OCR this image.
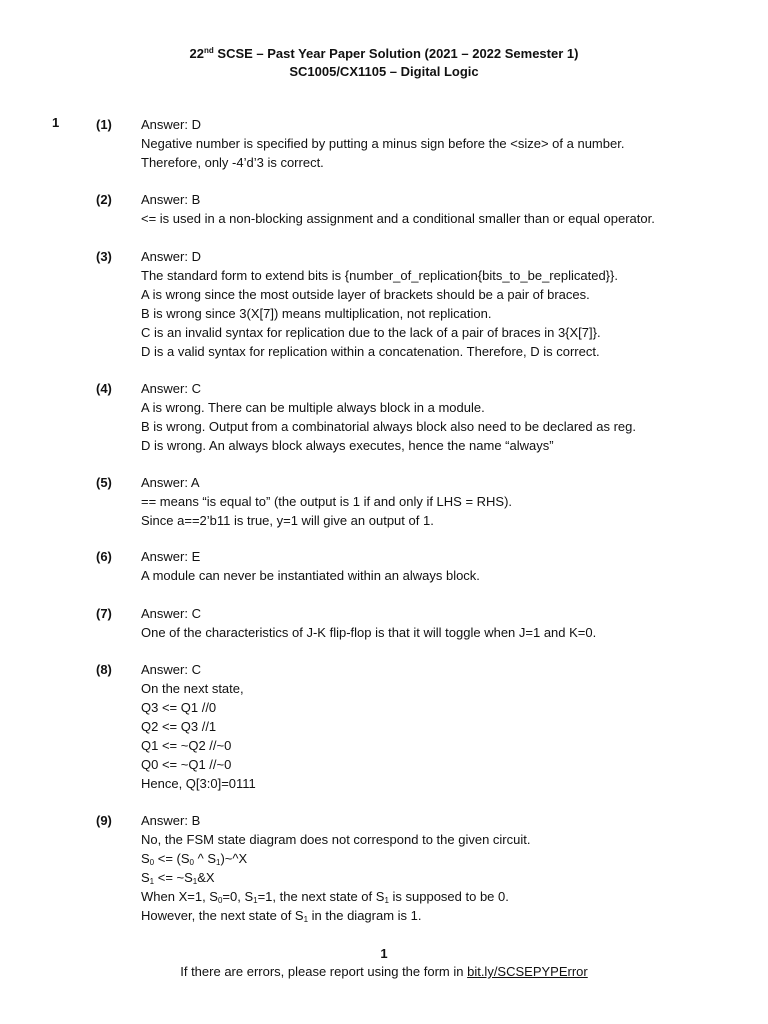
22nd SCSE – Past Year Paper Solution (2021 – 2022 Semester 1)
SC1005/CX1105 – Digital Logic
1	(1) Answer: D

Negative number is specified by putting a minus sign before the <size> of a number.

Therefore, only -4’d’3 is correct.

(2) Answer: B

<= is used in a non-blocking assignment and a conditional smaller than or equal operator.

(3) Answer: D

The standard form to extend bits is {number_of_replication{bits_to_be_replicated}}.

A is wrong since the most outside layer of brackets should be a pair of braces.

B is wrong since 3(X[7]) means multiplication, not replication.

C is an invalid syntax for replication due to the lack of a pair of braces in 3{X[7]}.

D is a valid syntax for replication within a concatenation. Therefore, D is correct.

(4) Answer: C

A is wrong. There can be multiple always block in a module.

B is wrong. Output from a combinatorial always block also need to be declared as reg.

D is wrong. An always block always executes, hence the name “always”

(5) Answer: A

== means “is equal to” (the output is 1 if and only if LHS = RHS).

Since a==2’b11 is true, y=1 will give an output of 1.

(6) Answer: E

A module can never be instantiated within an always block.

(7) Answer: C

One of the characteristics of J-K flip-flop is that it will toggle when J=1 and K=0.

(8) Answer: C

On the next state,

Q3 <= Q1 //0

Q2 <= Q3 //1

Q1 <= ~Q2 //~0

Q0 <= ~Q1 //~0

Hence, Q[3:0]=0111

(9) Answer: B

No, the FSM state diagram does not correspond to the given circuit.

$S_0 <= (S_0$ ^ $S_1)\sim\^{}X$

$S_1$ <= $\sim S_1\&X$

When X=1, $S_0=0$, $S_1=1$, the next state of $S_1$ is supposed to be 0.

However, the next state of $S_1$ in the diagram is 1.

1
If there are errors, please report using the form in bit.ly/SCSEPYPError
